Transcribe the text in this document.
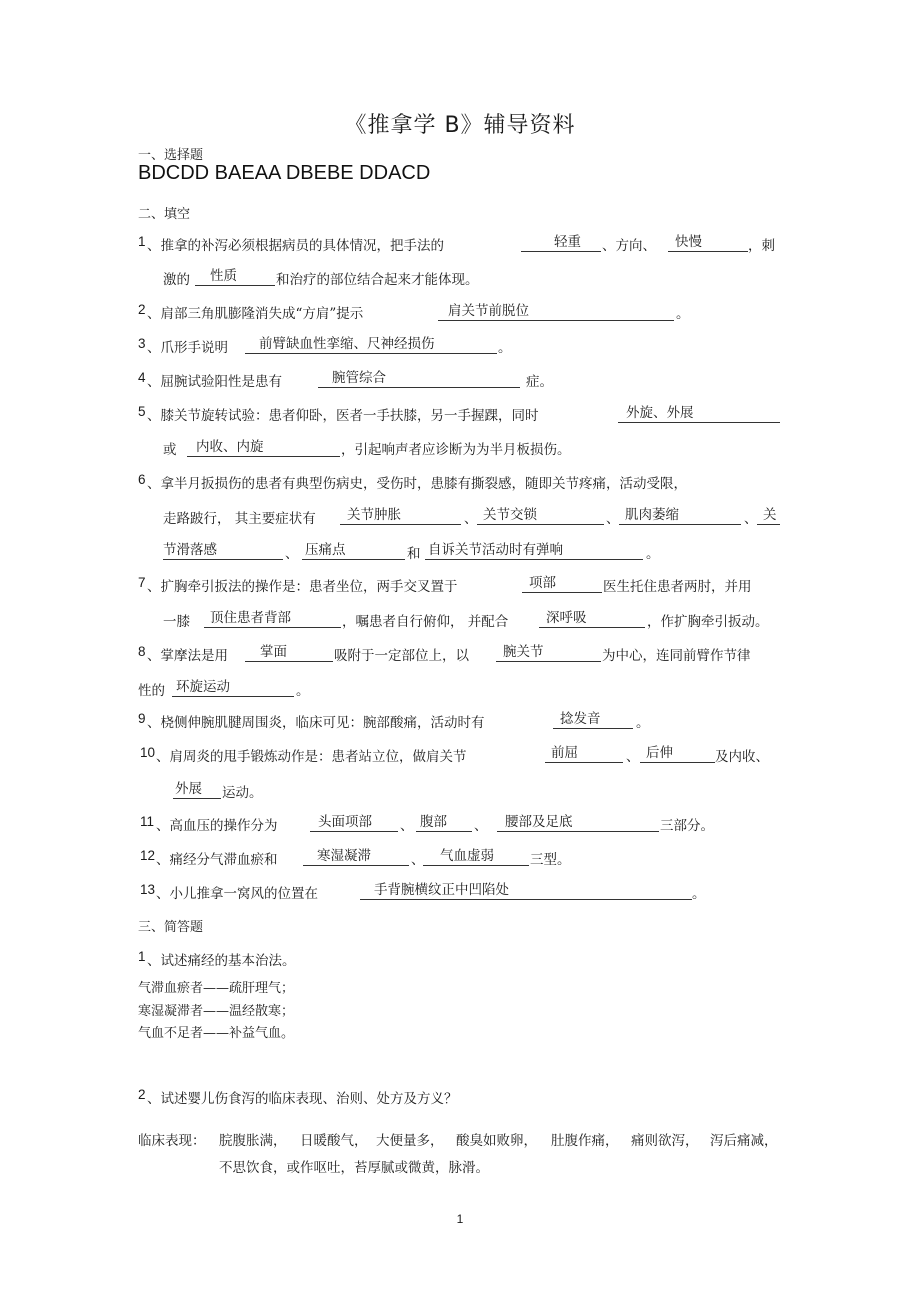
《推拿学 B》辅导资料
一、选择题
BDCDD BAEAA DBEBE DDACD
二、填空
1 、推拿的补泻必须根据病员的具体情况，把手法的	轻重 、方向、 快慢	，刺
激的 性质	和治疗的部位结合起来才能体现。
2 、肩部三角肌膨隆消失成“方肩”提示	肩关节前脱位	。
3 、爪形手说明 前臂缺血性挛缩、尺神经损伤	。
4 、屈腕试验阳性是患有	腕管综合	症。
5 、膝关节旋转试验：患者仰卧，医者一手扶膝，另一手握踝，同时	外旋、外展
或 内收、内旋	，引起响声者应诊断为为半月板损伤。
6 、拿半月扳损伤的患者有典型伤病史，受伤时，患膝有撕裂感，随即关节疼痛，活动受限，
走路跛行， 其主要症状有 关节肿胀	、 关节交锁	、 肌肉萎缩	、 关
节滑落感	、 压痛点	和 自诉关节活动时有弹响	。
7 、扩胸牵引扳法的操作是：患者坐位，两手交叉置于	项部	医生托住患者两肘，并用
一膝 顶住患者背部	，嘱患者自行俯仰， 并配合	深呼吸	，作扩胸牵引扳动。
8 、掌摩法是用 掌面	吸附于一定部位上，以	腕关节	为中心，连同前臂作节律
性的 环旋运动	。
9 、桡侧伸腕肌腱周围炎，临床可见：腕部酸痛，活动时有	捻发音	。
10 、肩周炎的甩手锻炼动作是：患者站立位，做肩关节	前屈	、 后伸	及内收、
外展 运动。
11 、高血压的操作分为	头面项部 、 腹部 、 腰部及足底	三部分。
12 、痛经分气滞血瘀和	寒湿凝滞	、 气血虚弱	三型。
13 、小儿推拿一窝风的位置在	手背腕横纹正中凹陷处	。
三、简答题
1 、试述痛经的基本治法。
气滞血瘀者——疏肝理气；
寒湿凝滞者——温经散寒；
气血不足者——补益气血。
2 、试述婴儿伤食泻的临床表现、治则、处方及方义？
临床表现： 脘腹胀满， 日暖酸气， 大便量多， 酸臭如败卵， 肚腹作痛， 痛则欲泻， 泻后痛减，
不思饮食，或作呕吐，苔厚腻或微黄，脉滑。
1
